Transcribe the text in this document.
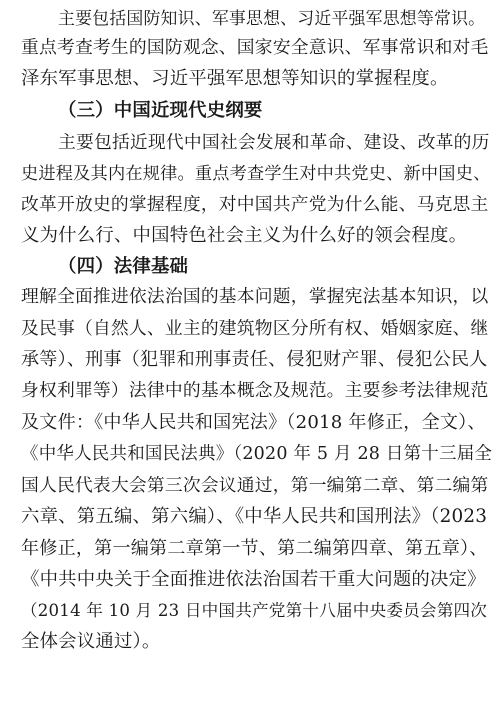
主要包括国防知识、军事思想、习近平强军思想等常识。
重点考查考生的国防观念、国家安全意识、军事常识和对毛
泽东军事思想、习近平强军思想等知识的掌握程度。
（三）中国近现代史纲要
主要包括近现代中国社会发展和革命、建设、改革的历
史进程及其内在规律。重点考查学生对中共党史、新中国史、
改革开放史的掌握程度，对中国共产党为什么能、马克思主
义为什么行、中国特色社会主义为什么好的领会程度。
（四）法律基础
理解全面推进依法治国的基本问题，掌握宪法基本知识，以
及民事（自然人、业主的建筑物区分所有权、婚姻家庭、继
承等）、刑事（犯罪和刑事责任、侵犯财产罪、侵犯公民人
身权利罪等）法律中的基本概念及规范。主要参考法律规范
及文件：《中华人民共和国宪法》（2018 年修正，全文）、
《中华人民共和国民法典》（2020 年 5 月 28 日第十三届全
国人民代表大会第三次会议通过，第一编第二章、第二编第
六章、第五编、第六编）、《中华人民共和国刑法》（2023
年修正，第一编第二章第一节、第二编第四章、第五章）、
《中共中央关于全面推进依法治国若干重大问题的决定》
（2014 年 10 月 23 日中国共产党第十八届中央委员会第四次
全体会议通过）。
